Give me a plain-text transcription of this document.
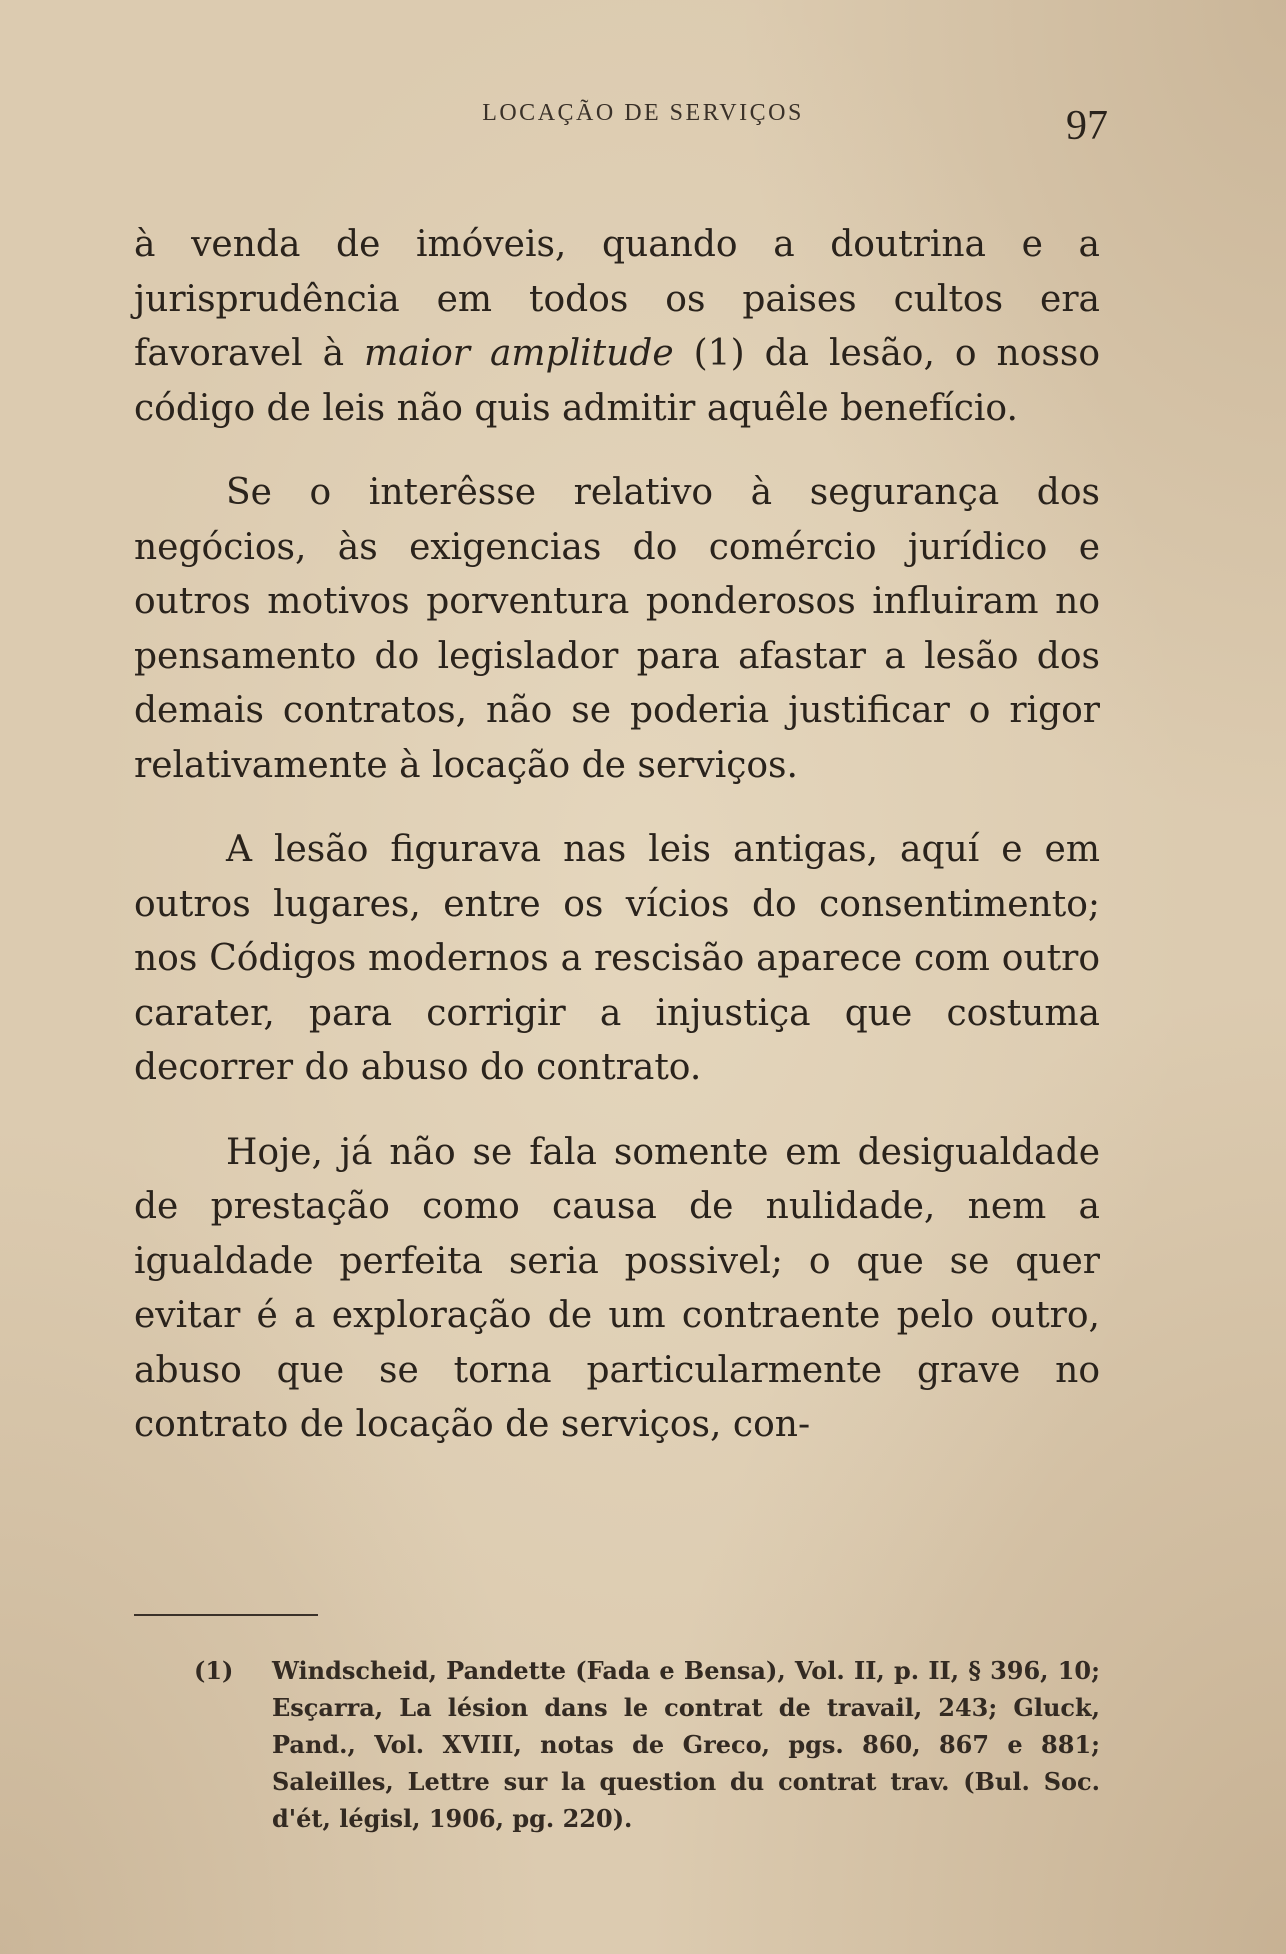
LOCAÇÃO DE SERVIÇOS	97

à venda de imóveis, quando a doutrina e a jurisprudência em todos os paises cultos era favoravel à maior amplitude (1) da lesão, o nosso código de leis não quis admitir aquêle benefício.

Se o interêsse relativo à segurança dos negócios, às exigencias do comércio jurídico e outros motivos porventura ponderosos influiram no pensamento do legislador para afastar a lesão dos demais contratos, não se poderia justificar o rigor relativamente à locação de serviços.

A lesão figurava nas leis antigas, aquí e em outros lugares, entre os vícios do consentimento; nos Códigos modernos a rescisão aparece com outro carater, para corrigir a injustiça que costuma decorrer do abuso do contrato.

Hoje, já não se fala somente em desigualdade de prestação como causa de nulidade, nem a igualdade perfeita seria possivel; o que se quer evitar é a exploração de um contraente pelo outro, abuso que se torna particularmente grave no contrato de locação de serviços, con-

(1) Windscheid, Pandette (Fada e Bensa), Vol. II, p. II, § 396, 10; Esçarra, La lésion dans le contrat de travail, 243; Gluck, Pand., Vol. XVIII, notas de Greco, pgs. 860, 867 e 881; Saleilles, Lettre sur la question du contrat trav. (Bul. Soc. d'ét, législ, 1906, pg. 220).
